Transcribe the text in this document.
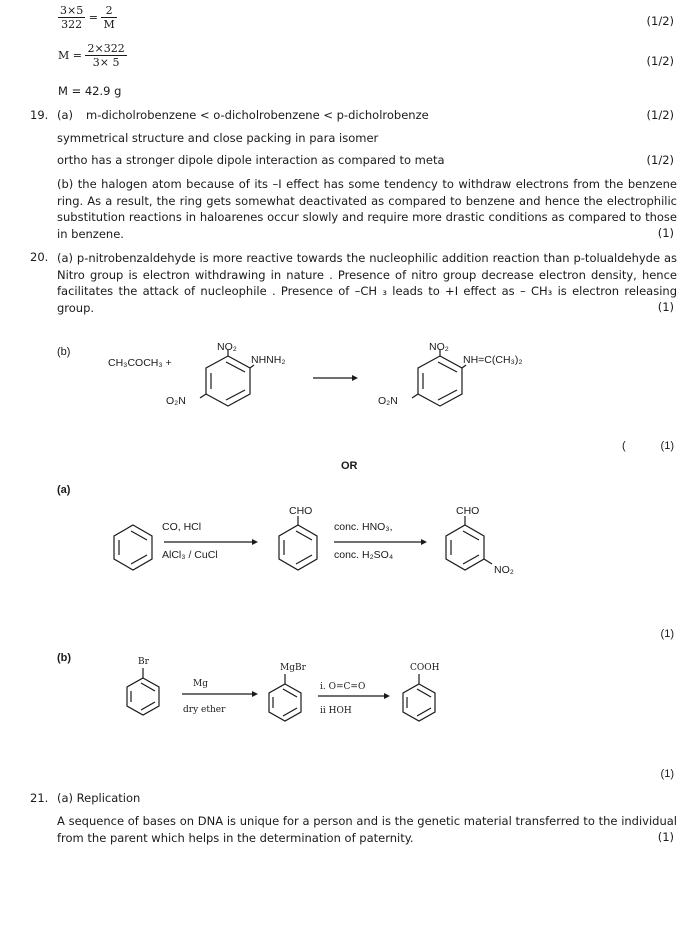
$\frac{3\times 5}{322} = \frac{2}{M}$	(1/2)
$M = \frac{2\times 322}{3\times 5}$	(1/2)
M = 42.9 g
19. (a) m-dicholrobenzene < o-dicholrobenzene < p-dicholrobenze	(1/2)
symmetrical structure and close packing in para isomer
ortho has a stronger dipole dipole interaction as compared to meta	(1/2)
(b) the halogen atom because of its –I effect has some tendency to withdraw electrons from the benzene ring. As a result, the ring gets somewhat deactivated as compared to benzene and hence the electrophilic substitution reactions in haloarenes occur slowly and require more drastic conditions as compared to those in benzene.	(1)
20. (a) p-nitrobenzaldehyde is more reactive towards the nucleophilic addition reaction than p-tolualdehyde as Nitro group is electron withdrawing in nature . Presence of nitro group decrease electron density, hence facilitates the attack of nucleophile . Presence of –CH ₃ leads to +I effect as – CH₃ is electron releasing group.	(1)
(b)
CH₃COCH₃ +
NO₂
NHNH₂
O₂N
NO₂
NH=C(CH₃)₂
O₂N
(	(1)
OR
(a)
CO, HCl
AlCl₃ / CuCl
CHO
conc. HNO₃,
conc. H₂SO₄
CHO
NO₂
(1)
(b)	Br
Mg
dry ether
MgBr
i. O=C=O
ii HOH
COOH
(1)
21. (a) Replication
A sequence of bases on DNA is unique for a person and is the genetic material transferred to the individual from the parent which helps in the determination of paternity.	(1)
